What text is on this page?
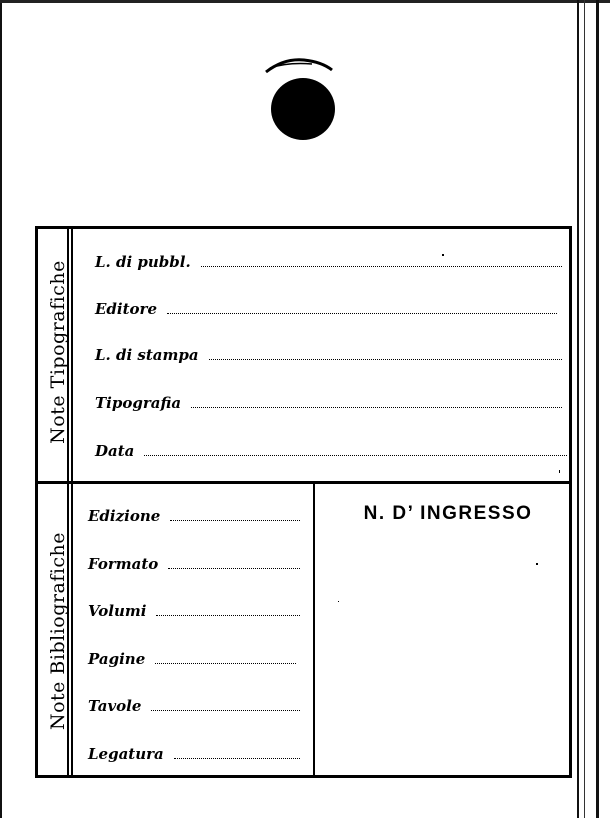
Note Tipografiche L. di pubbl.
Editore
L. di stampa
Tipografia
Data
Note Bibliografiche
Edizione
Formato
Volumi
Pagine
Tavole
Legatura
N. D’ INGRESSO
